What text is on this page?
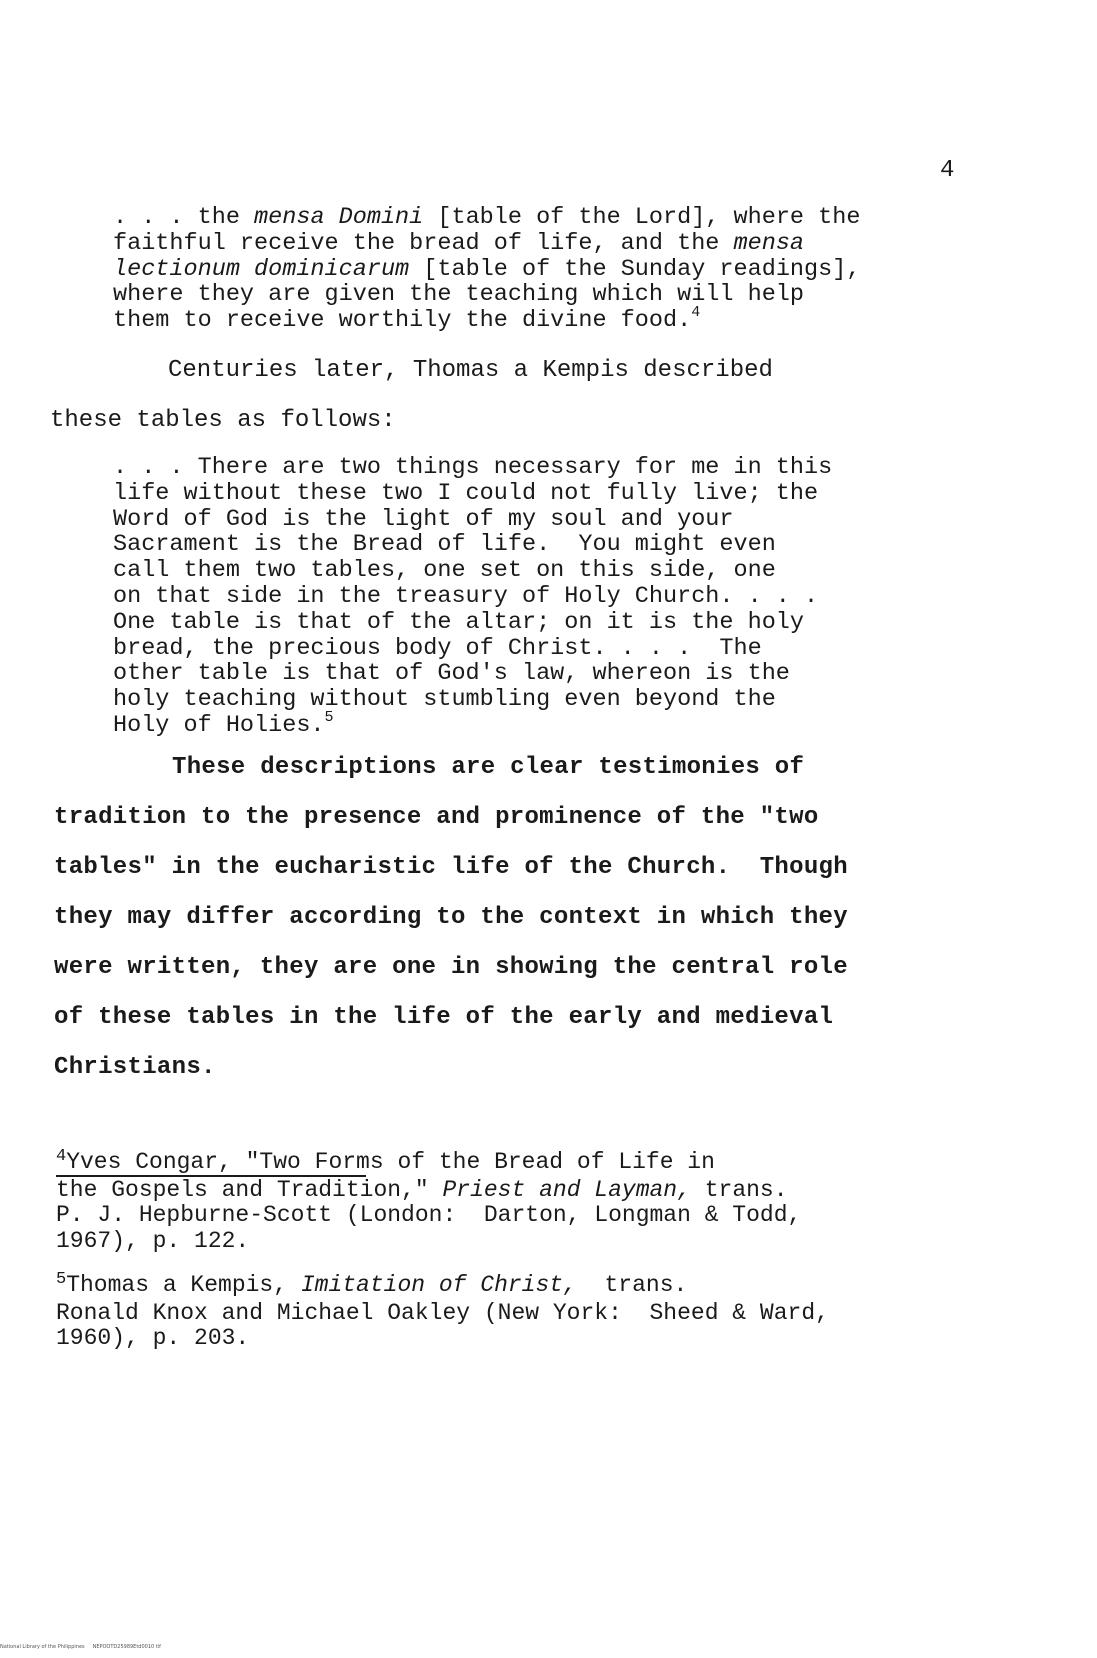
4
. . . the mensa Domini [table of the Lord], where the
faithful receive the bread of life, and the mensa
lectionum dominicarum [table of the Sunday readings],
where they are given the teaching which will help
them to receive worthily the divine food.$^4$
Centuries later, Thomas a Kempis described
these tables as follows:
. . . There are two things necessary for me in this
life without these two I could not fully live; the
Word of God is the light of my soul and your
Sacrament is the Bread of life.  You might even
call them two tables, one set on this side, one
on that side in the treasury of Holy Church. . . .
One table is that of the altar; on it is the holy
bread, the precious body of Christ. . . .  The
other table is that of God's law, whereon is the
holy teaching without stumbling even beyond the
Holy of Holies.$^5$
These descriptions are clear testimonies of
tradition to the presence and prominence of the "two
tables" in the eucharistic life of the Church.  Though
they may differ according to the context in which they
were written, they are one in showing the central role
of these tables in the life of the early and medieval
Christians.
$^4$Yves Congar, "Two Forms of the Bread of Life in
the Gospels and Tradition," Priest and Layman, trans.
P. J. Hepburne-Scott (London:  Darton, Longman & Todd,
1967), p. 122.
$^5$Thomas a Kempis, Imitation of Christ,  trans.
Ronald Knox and Michael Oakley (New York:  Sheed & Ward,
1960), p. 203.
National Library of the Philippines     NEPOOTD25989Etd0010 tif
